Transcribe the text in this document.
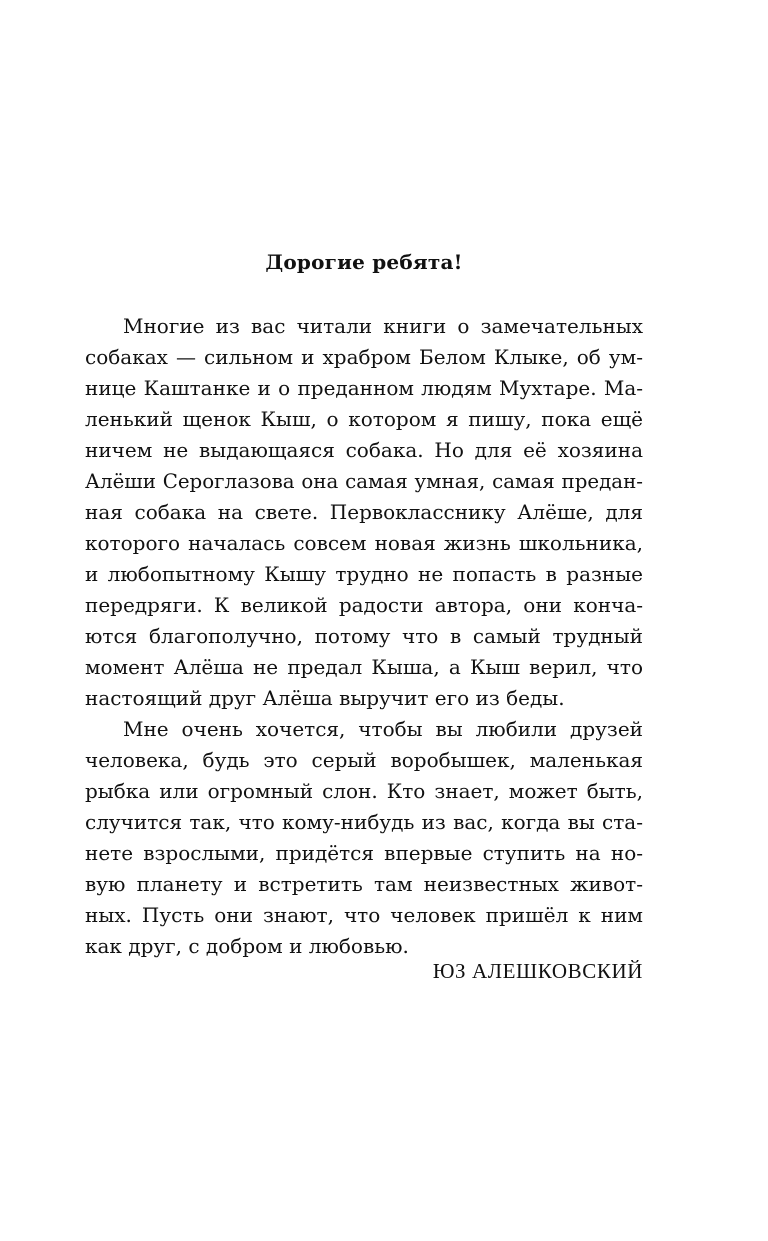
Дорогие ребята!
Многие из вас читали книги о замечательных
собаках — сильном и храбром Белом Клыке, об ум-
нице Каштанке и о преданном людям Мухтаре. Ма-
ленький щенок Кыш, о котором я пишу, пока ещё
ничем не выдающаяся собака. Но для её хозяина
Алёши Сероглазова она самая умная, самая предан-
ная собака на свете. Первокласснику Алёше, для
которого началась совсем новая жизнь школьника,
и любопытному Кышу трудно не попасть в разные
передряги. К великой радости автора, они конча-
ются благополучно, потому что в самый трудный
момент Алёша не предал Кыша, а Кыш верил, что
настоящий друг Алёша выручит его из беды.
Мне очень хочется, чтобы вы любили друзей
человека, будь это серый воробышек, маленькая
рыбка или огромный слон. Кто знает, может быть,
случится так, что кому-нибудь из вас, когда вы ста-
нете взрослыми, придётся впервые ступить на но-
вую планету и встретить там неизвестных живот-
ных. Пусть они знают, что человек пришёл к ним
как друг, с добром и любовью.
ЮЗ АЛЕШКОВСКИЙ
